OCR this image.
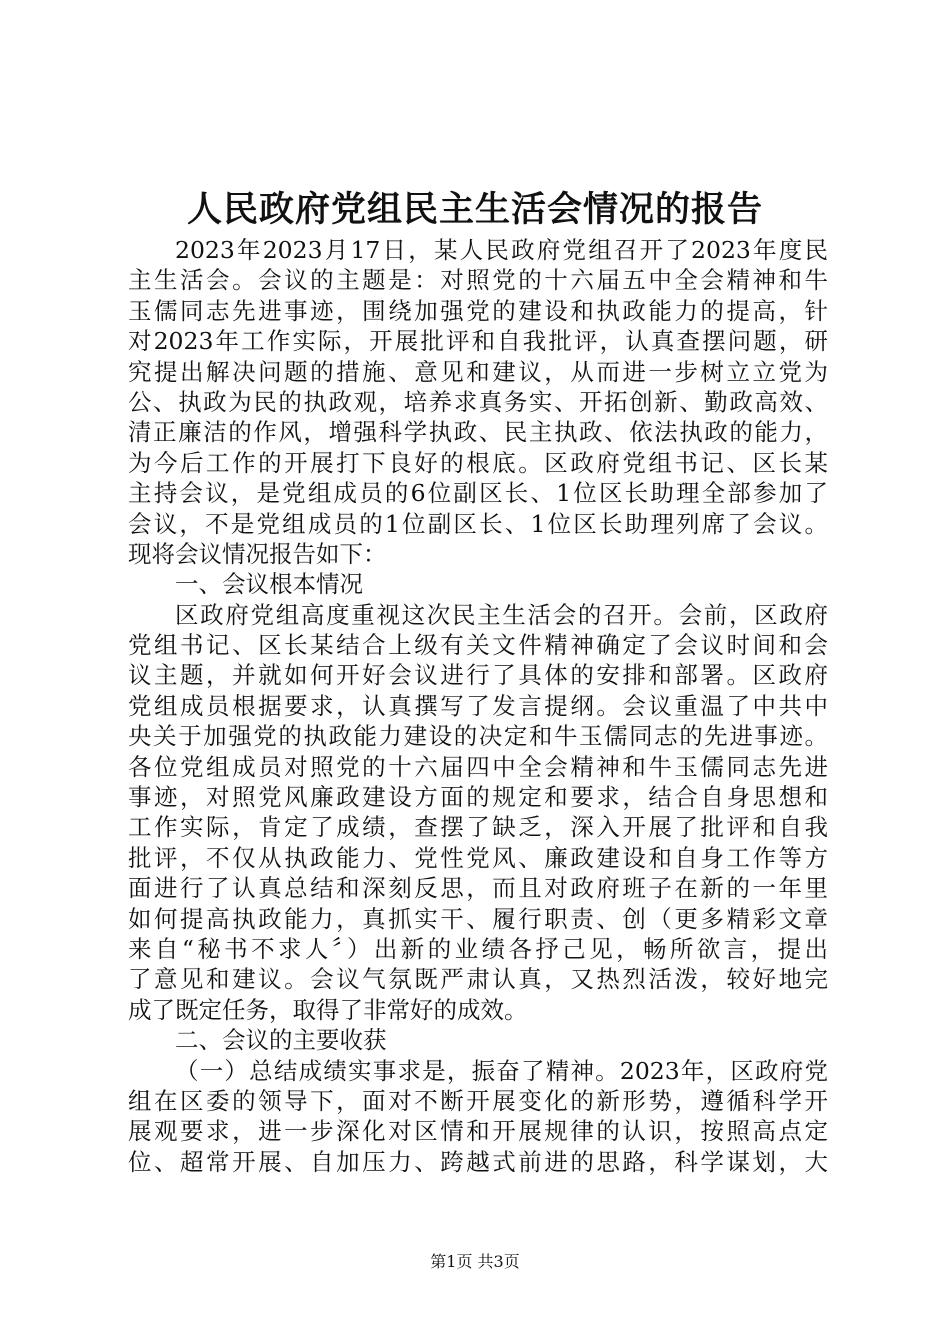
人民政府党组民主生活会情况的报告
2023年2023月17日，某人民政府党组召开了2023年度民
主生活会。会议的主题是：对照党的十六届五中全会精神和牛
玉儒同志先进事迹，围绕加强党的建设和执政能力的提高，针
对2023年工作实际，开展批评和自我批评，认真查摆问题，研
究提出解决问题的措施、意见和建议，从而进一步树立立党为
公、执政为民的执政观，培养求真务实、开拓创新、勤政高效、
清正廉洁的作风，增强科学执政、民主执政、依法执政的能力，
为今后工作的开展打下良好的根底。区政府党组书记、区长某
主持会议，是党组成员的6位副区长、1位区长助理全部参加了
会议，不是党组成员的1位副区长、1位区长助理列席了会议。
现将会议情况报告如下：
一、会议根本情况
区政府党组高度重视这次民主生活会的召开。会前，区政府
党组书记、区长某结合上级有关文件精神确定了会议时间和会
议主题，并就如何开好会议进行了具体的安排和部署。区政府
党组成员根据要求，认真撰写了发言提纲。会议重温了中共中
央关于加强党的执政能力建设的决定和牛玉儒同志的先进事迹。
各位党组成员对照党的十六届四中全会精神和牛玉儒同志先进
事迹，对照党风廉政建设方面的规定和要求，结合自身思想和
工作实际，肯定了成绩，查摆了缺乏，深入开展了批评和自我
批评，不仅从执政能力、党性党风、廉政建设和自身工作等方
面进行了认真总结和深刻反思，而且对政府班子在新的一年里
如何提高执政能力，真抓实干、履行职责、创（更多精彩文章
来自“秘书不求人〞）出新的业绩各抒己见，畅所欲言，提出
了意见和建议。会议气氛既严肃认真，又热烈活泼，较好地完
成了既定任务，取得了非常好的成效。
二、会议的主要收获
（一）总结成绩实事求是，振奋了精神。2023年，区政府党
组在区委的领导下，面对不断开展变化的新形势，遵循科学开
展观要求，进一步深化对区情和开展规律的认识，按照高点定
位、超常开展、自加压力、跨越式前进的思路，科学谋划，大
第1页 共3页
